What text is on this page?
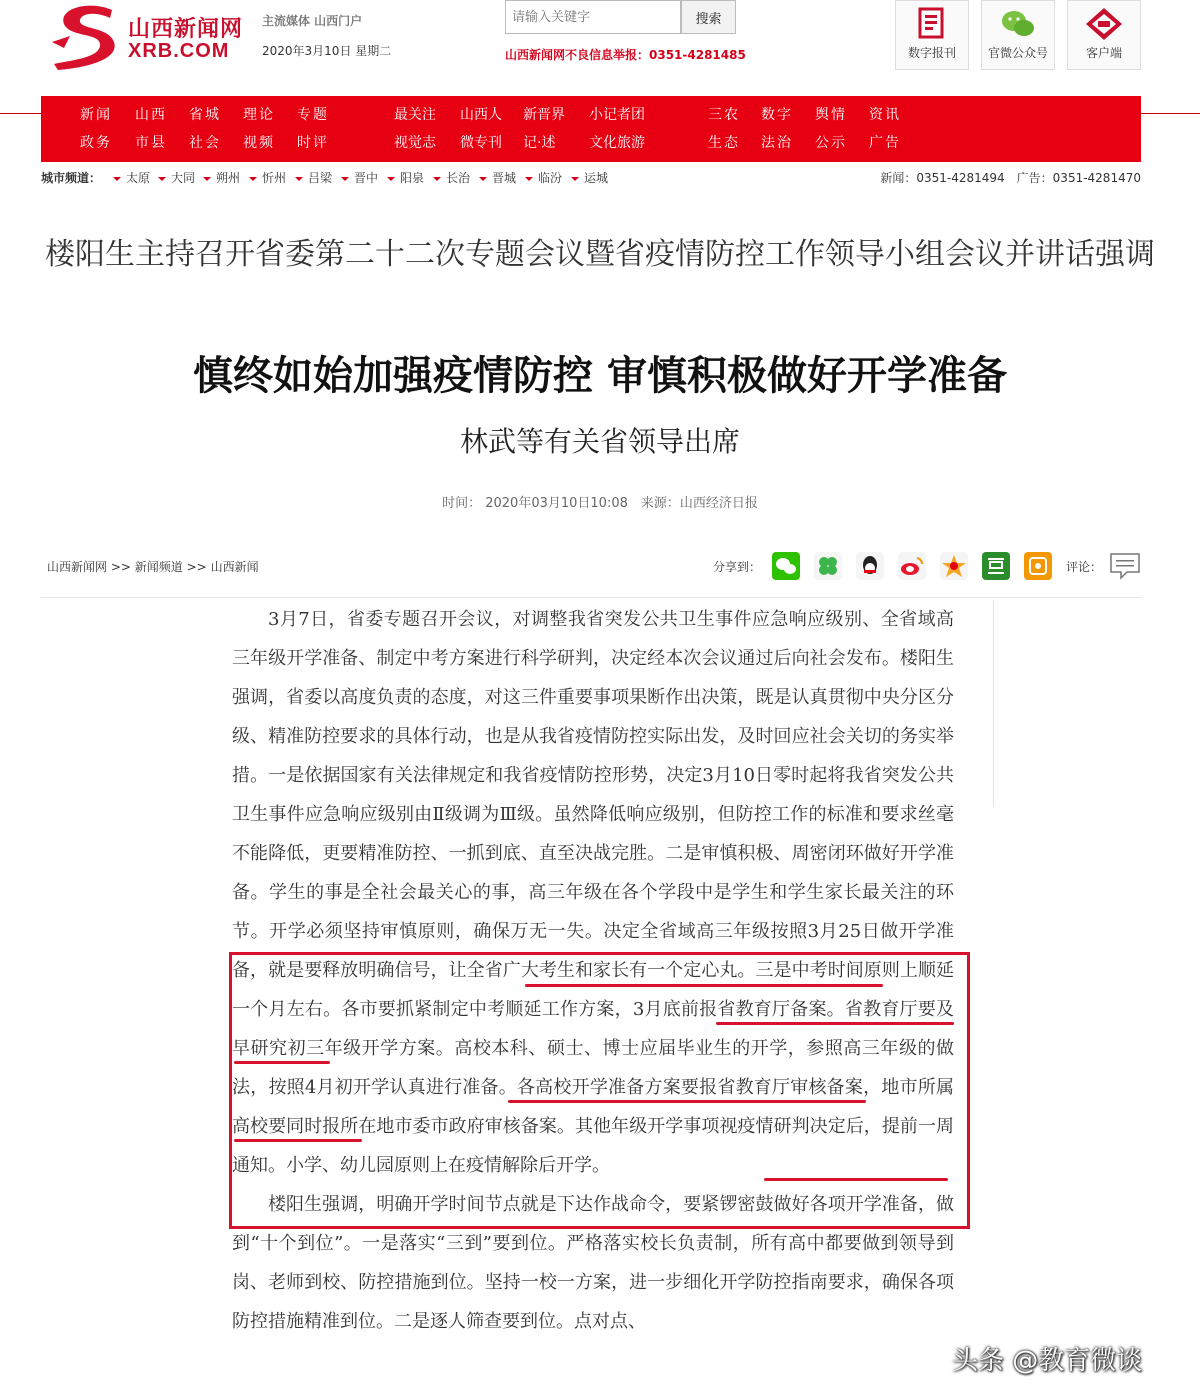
山西新闻网
XRB.COM
主流媒体 山西门户
2020年3月10日 星期二
请输入关键字
搜索
山西新闻网不良信息举报：0351-4281485	数字报刊	官微公众号	客户端
新闻 山西 省城 理论 专题
政务 市县 社会 视频 时评
最关注 山西人 新晋界 小记者团
视觉志 微专刊 记·述 文化旅游
三农 数字 舆情 资讯
生态 法治 公示 广告
城市频道：	太原	大同	朔州	忻州	吕梁	晋中	阳泉	长治	晋城	临汾	运城	新闻：0351-4281494　广告：0351-4281470
楼阳生主持召开省委第二十二次专题会议暨省疫情防控工作领导小组会议并讲话强调
慎终如始加强疫情防控 审慎积极做好开学准备
林武等有关省领导出席
时间： 2020年03月10日10:08　来源：山西经济日报
山西新闻网 >> 新闻频道 >> 山西新闻	分享到：	评论：

3月7日，省委专题召开会议，对调整我省突发公共卫生事件应急响应级别、全省域高三年级开学准备、制定中考方案进行科学研判，决定经本次会议通过后向社会发布。楼阳生强调，省委以高度负责的态度，对这三件重要事项果断作出决策，既是认真贯彻中央分区分级、精准防控要求的具体行动，也是从我省疫情防控实际出发，及时回应社会关切的务实举措。一是依据国家有关法律规定和我省疫情防控形势，决定3月10日零时起将我省突发公共卫生事件应急响应级别由Ⅱ级调为Ⅲ级。虽然降低响应级别，但防控工作的标准和要求丝毫不能降低，更要精准防控、一抓到底、直至决战完胜。二是审慎积极、周密闭环做好开学准备。学生的事是全社会最关心的事，高三年级在各个学段中是学生和学生家长最关注的环节。开学必须坚持审慎原则，确保万无一失。决定全省域高三年级按照3月25日做开学准备，就是要释放明确信号，让全省广大考生和家长有一个定心丸。三是中考时间原则上顺延一个月左右。各市要抓紧制定中考顺延工作方案，3月底前报省教育厅备案。省教育厅要及早研究初三年级开学方案。高校本科、硕士、博士应届毕业生的开学，参照高三年级的做法，按照4月初开学认真进行准备。各高校开学准备方案要报省教育厅审核备案，地市所属高校要同时报所在地市委市政府审核备案。其他年级开学事项视疫情研判决定后，提前一周通知。小学、幼儿园原则上在疫情解除后开学。

楼阳生强调，明确开学时间节点就是下达作战命令，要紧锣密鼓做好各项开学准备，做到“十个到位”。一是落实“三到”要到位。严格落实校长负责制，所有高中都要做到领导到岗、老师到校、防控措施到位。坚持一校一方案，进一步细化开学防控指南要求，确保各项防控措施精准到位。二是逐人筛查要到位。点对点、

头条 @教育微谈
